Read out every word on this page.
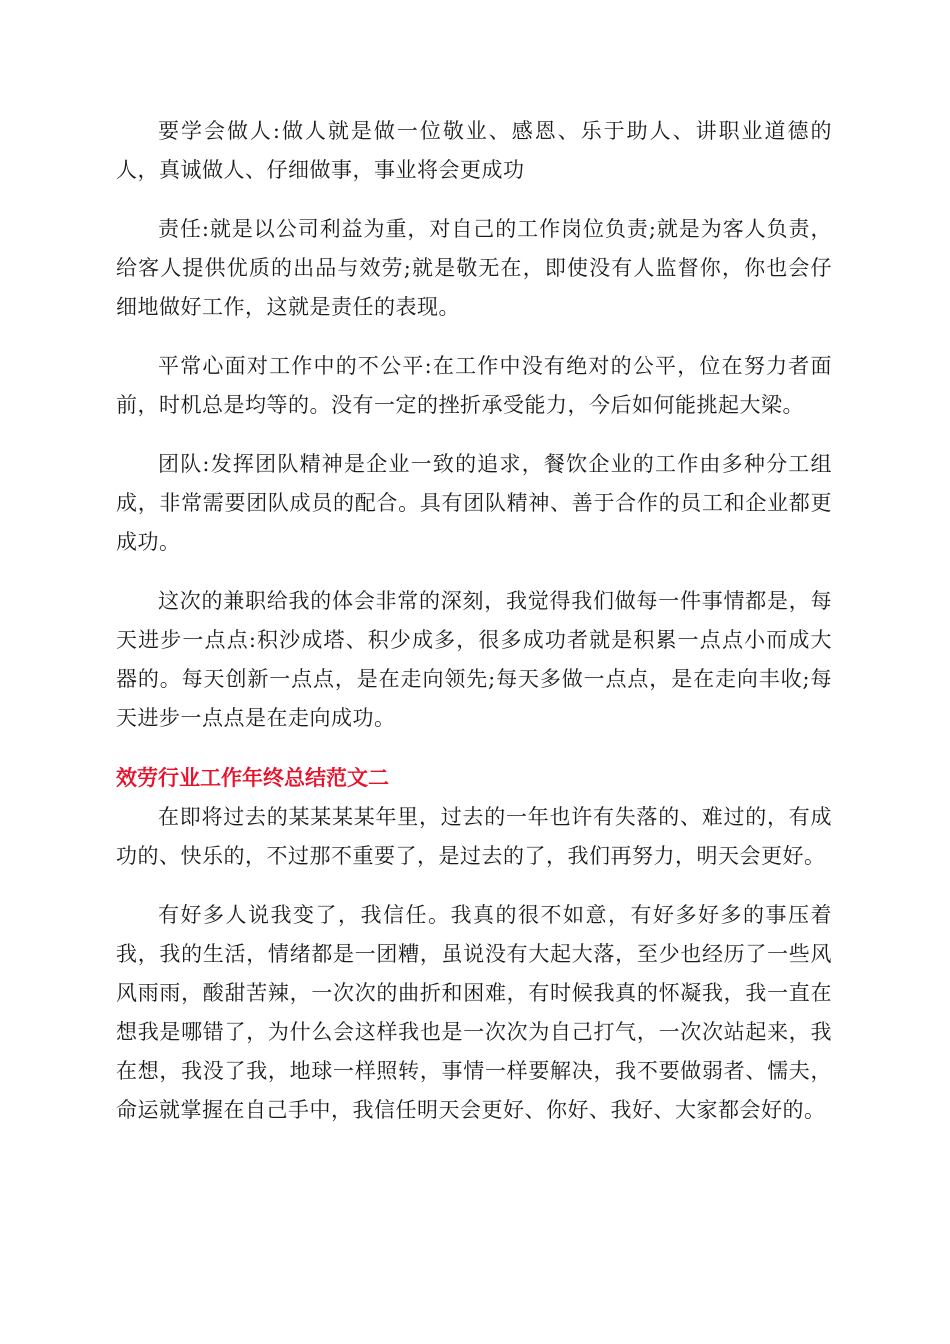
要学会做人:做人就是做一位敬业、感恩、乐于助人、讲职业道德的人，真诚做人、仔细做事，事业将会更成功

责任:就是以公司利益为重，对自己的工作岗位负责;就是为客人负责，给客人提供优质的出品与效劳;就是敬无在，即使没有人监督你，你也会仔细地做好工作，这就是责任的表现。

平常心面对工作中的不公平:在工作中没有绝对的公平，位在努力者面前，时机总是均等的。没有一定的挫折承受能力，今后如何能挑起大梁。

团队:发挥团队精神是企业一致的追求，餐饮企业的工作由多种分工组成，非常需要团队成员的配合。具有团队精神、善于合作的员工和企业都更成功。

这次的兼职给我的体会非常的深刻，我觉得我们做每一件事情都是，每天进步一点点:积沙成塔、积少成多，很多成功者就是积累一点点小而成大器的。每天创新一点点，是在走向领先;每天多做一点点，是在走向丰收;每天进步一点点是在走向成功。

效劳行业工作年终总结范文二

在即将过去的某某某某年里，过去的一年也许有失落的、难过的，有成功的、快乐的，不过那不重要了，是过去的了，我们再努力，明天会更好。

有好多人说我变了，我信任。我真的很不如意，有好多好多的事压着我，我的生活，情绪都是一团糟，虽说没有大起大落，至少也经历了一些风风雨雨，酸甜苦辣，一次次的曲折和困难，有时候我真的怀凝我，我一直在想我是哪错了，为什么会这样我也是一次次为自己打气，一次次站起来，我在想，我没了我，地球一样照转，事情一样要解决，我不要做弱者、懦夫，命运就掌握在自己手中，我信任明天会更好、你好、我好、大家都会好的。
